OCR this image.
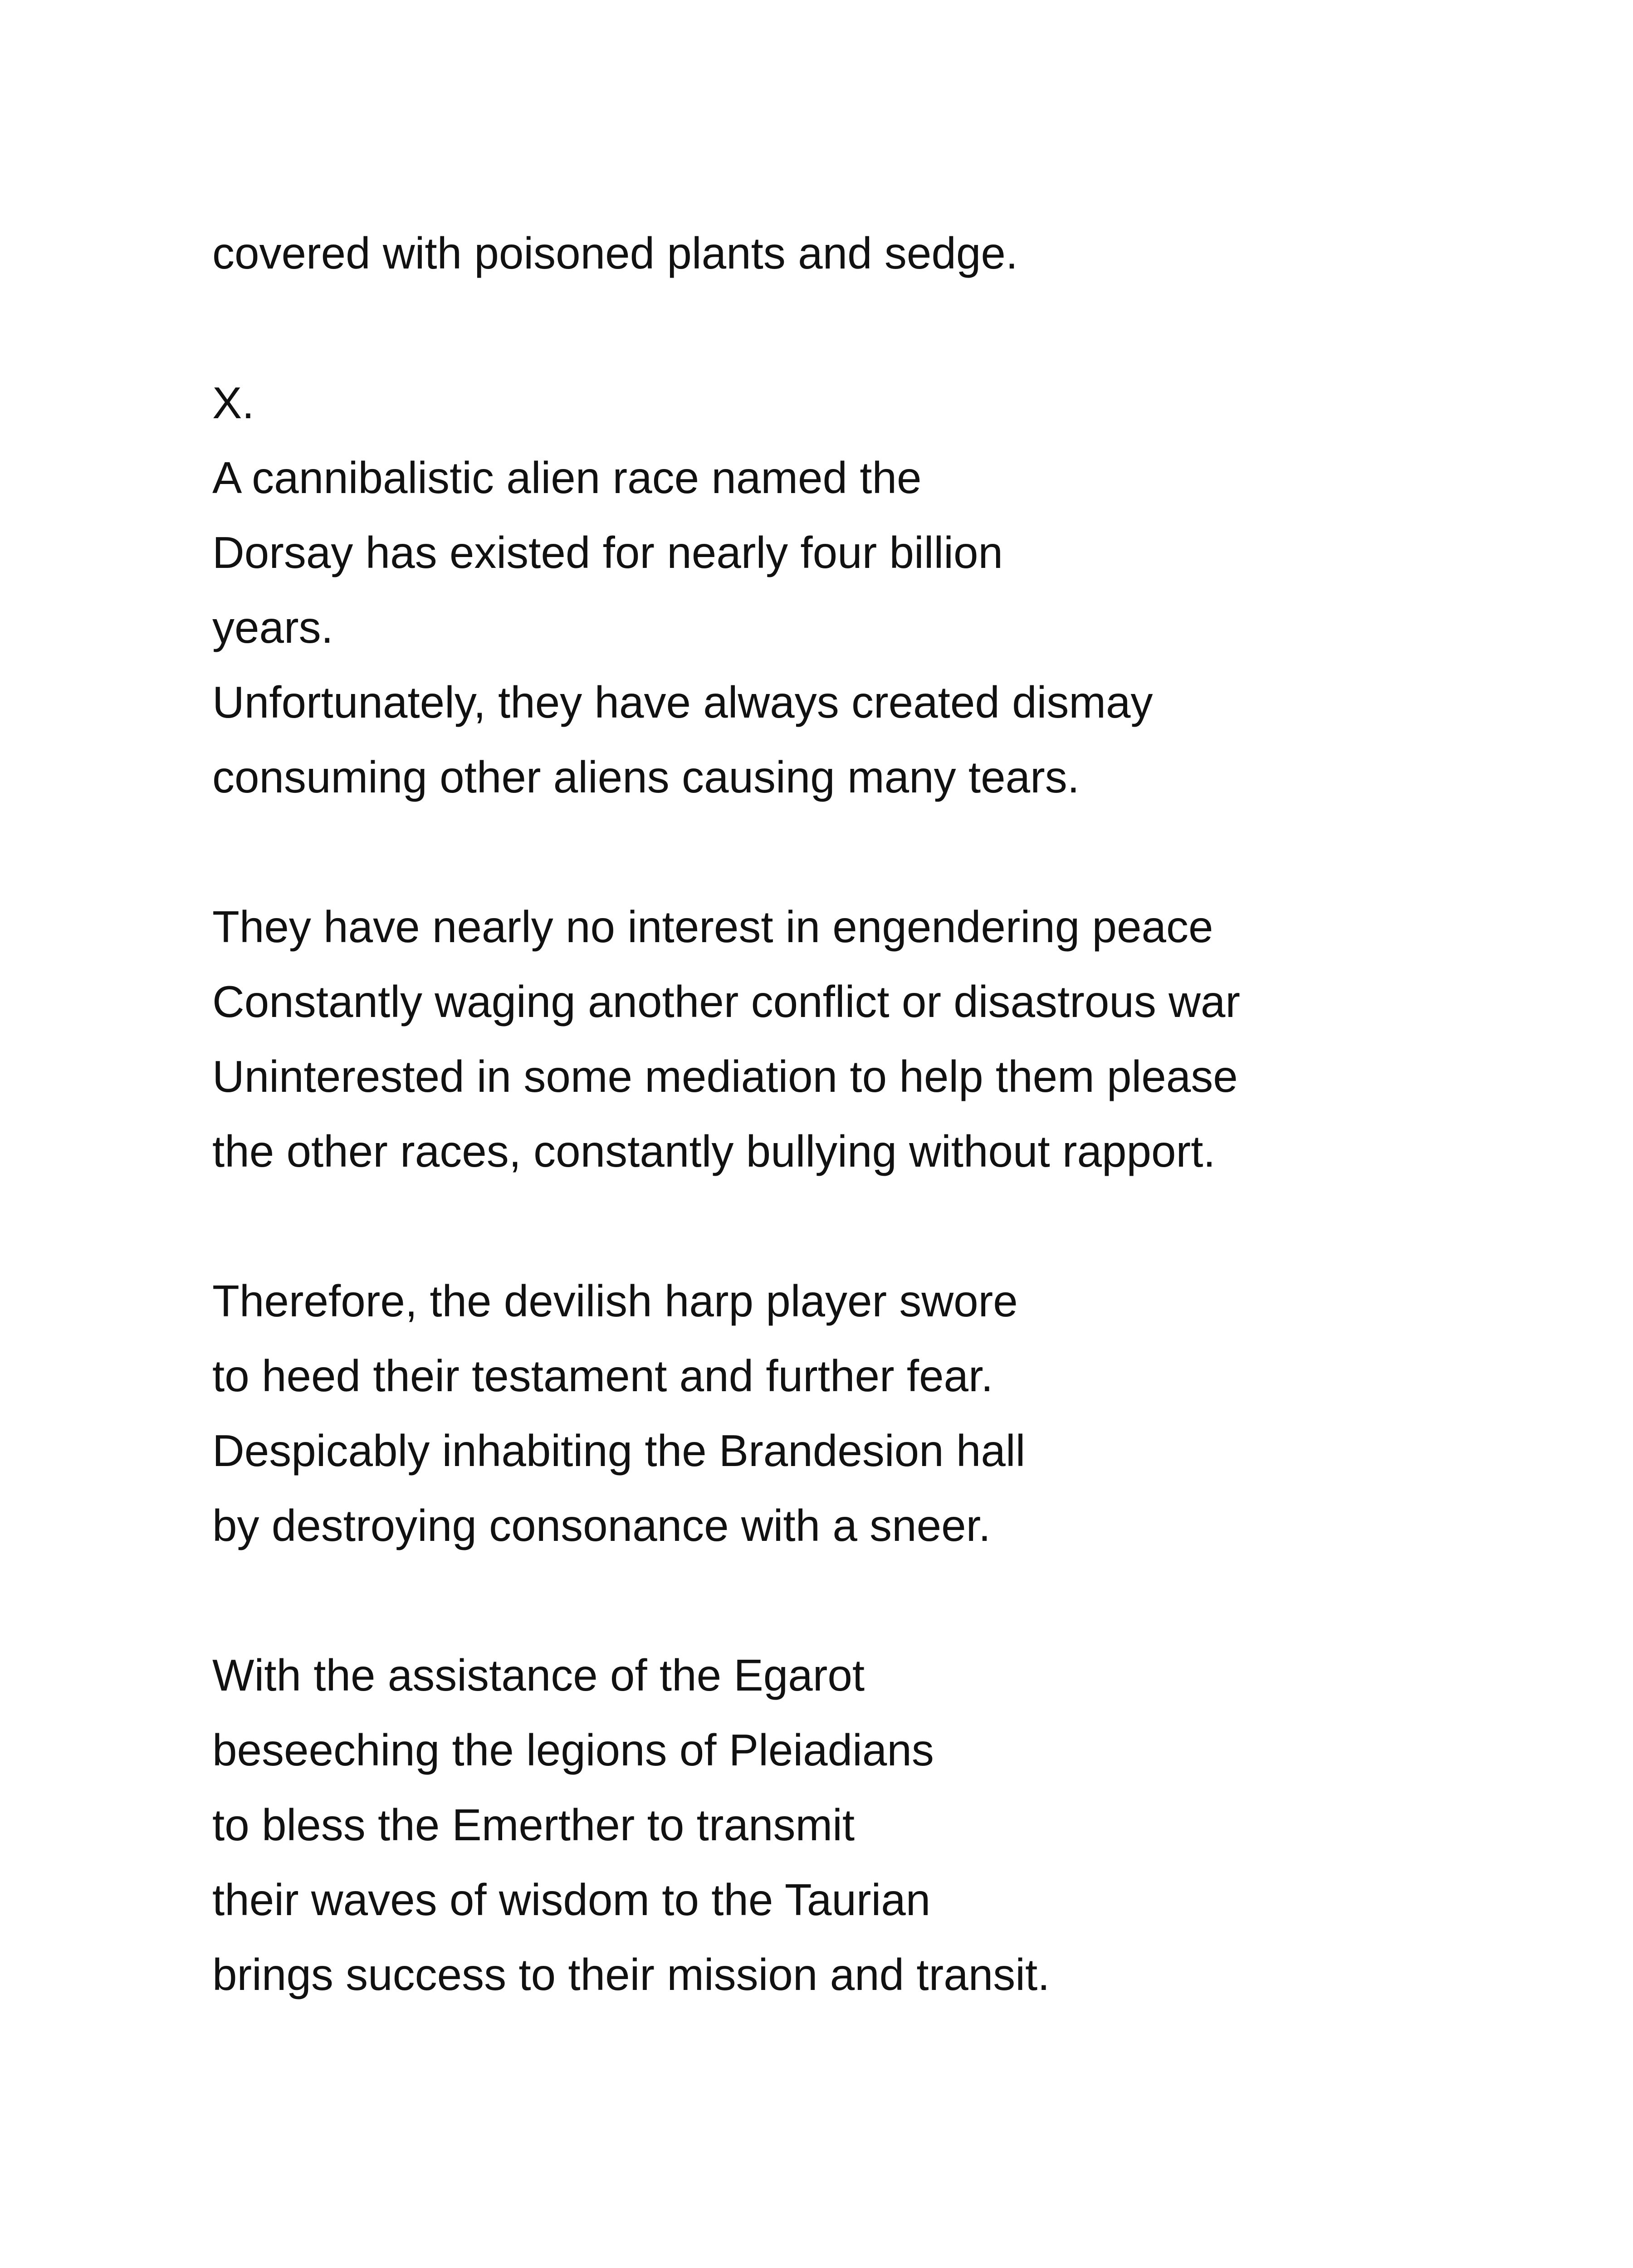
covered with poisoned plants and sedge.
X.
A cannibalistic alien race named the
Dorsay has existed for nearly four billion
years.
Unfortunately, they have always created dismay
consuming other aliens causing many tears.
They have nearly no interest in engendering peace
Constantly waging another conflict or disastrous war
Uninterested in some mediation to help them please
the other races, constantly bullying without rapport.
Therefore, the devilish harp player swore
to heed their testament and further fear.
Despicably inhabiting the Brandesion hall
by destroying consonance with a sneer.
With the assistance of the Egarot
beseeching the legions of Pleiadians
to bless the Emerther to transmit
their waves of wisdom to the Taurian
brings success to their mission and transit.
